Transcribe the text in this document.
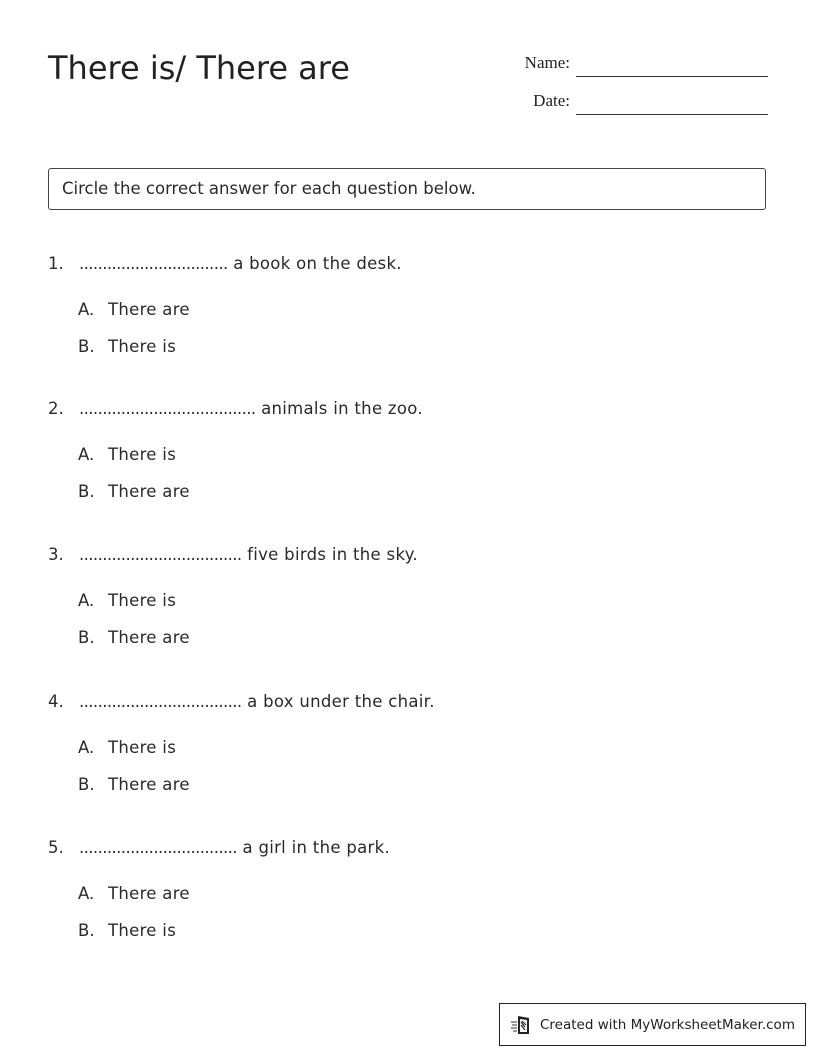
There is/ There are	Name:
Date:
Circle the correct answer for each question below.
1. ................................ a book on the desk.
A. There are
B. There is
2. ...................................... animals in the zoo.
A. There is
B. There are
3. ................................... five birds in the sky.
A. There is
B. There are
4. ................................... a box under the chair.
A. There is
B. There are
5. .................................. a girl in the park.
A. There are
B. There is
Created with MyWorksheetMaker.com
